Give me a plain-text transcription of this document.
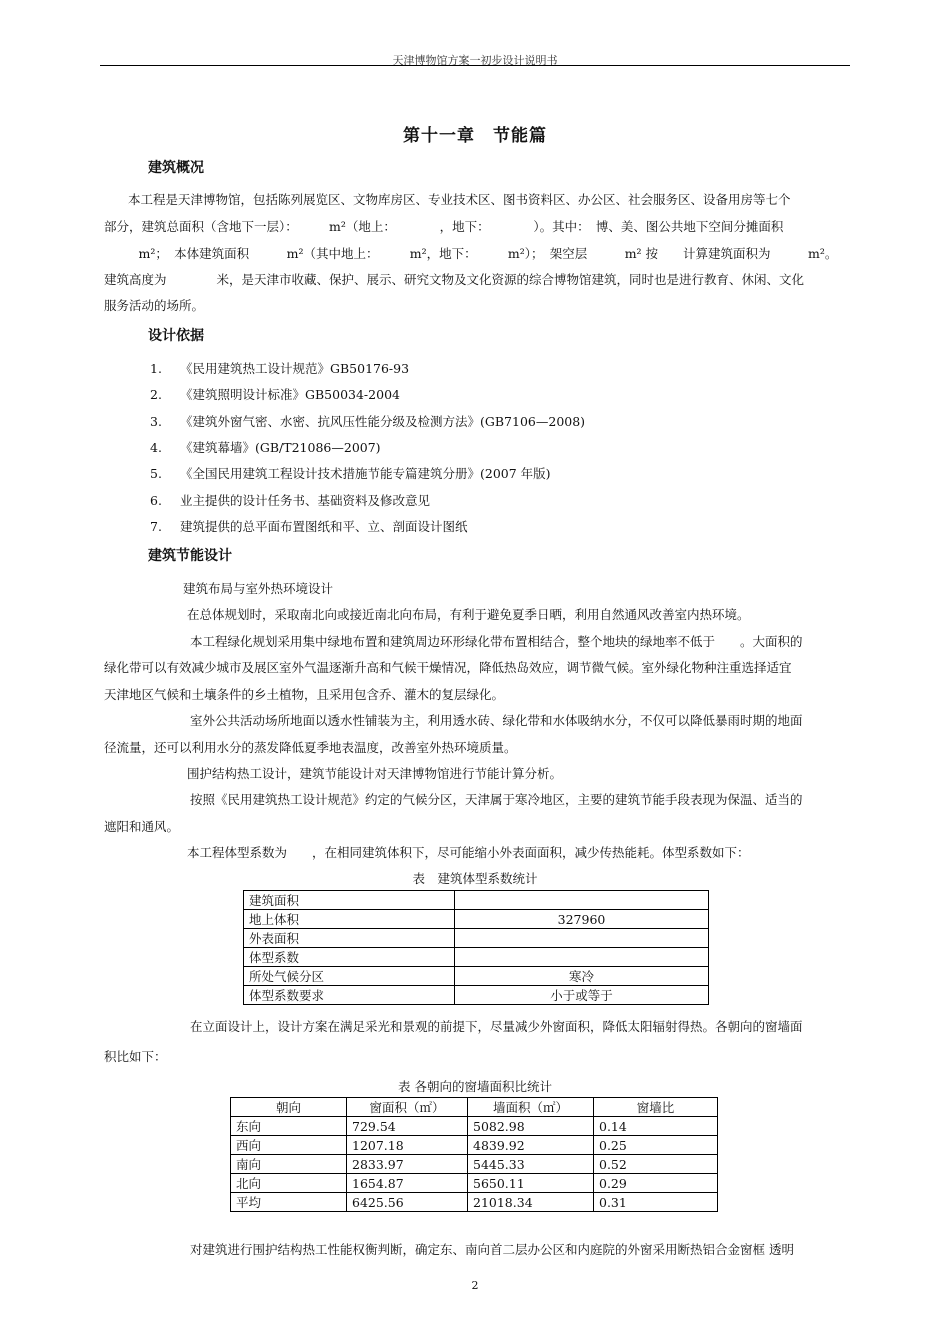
天津博物馆方案一初步设计说明书
第十一章　节能篇
建筑概况
本工程是天津博物馆，包括陈列展览区、文物库房区、专业技术区、图书资料区、办公区、社会服务区、设备用房等七个
部分，建筑总面积（含地下一层）：　　　m²（地上：　　　　，地下：　　　　）。其中：　博、美、图公共地下空间分摊面积
　m²；　本体建筑面积　　　m²（其中地上：　　　m²，地下：　　　m²）；　架空层　　　m² 按　　计算建筑面积为　　　m²。
建筑高度为　　　　米，是天津市收藏、保护、展示、研究文物及文化资源的综合博物馆建筑，同时也是进行教育、休闲、文化
服务活动的场所。
设计依据
1. 《民用建筑热工设计规范》GB50176-93
2. 《建筑照明设计标准》GB50034-2004
3. 《建筑外窗气密、水密、抗风压性能分级及检测方法》(GB7106—2008)
4. 《建筑幕墙》(GB/T21086—2007)
5. 《全国民用建筑工程设计技术措施节能专篇建筑分册》(2007 年版)
6. 业主提供的设计任务书、基础资料及修改意见
7. 建筑提供的总平面布置图纸和平、立、剖面设计图纸
建筑节能设计
建筑布局与室外热环境设计
在总体规划时，采取南北向或接近南北向布局，有利于避免夏季日晒，利用自然通风改善室内热环境。
本工程绿化规划采用集中绿地布置和建筑周边环形绿化带布置相结合，整个地块的绿地率不低于　　。大面积的
绿化带可以有效减少城市及展区室外气温逐渐升高和气候干燥情况，降低热岛效应，调节微气候。室外绿化物种注重选择适宜
天津地区气候和土壤条件的乡土植物，且采用包含乔、灌木的复层绿化。
室外公共活动场所地面以透水性铺装为主，利用透水砖、绿化带和水体吸纳水分，不仅可以降低暴雨时期的地面
径流量，还可以利用水分的蒸发降低夏季地表温度，改善室外热环境质量。
围护结构热工设计，建筑节能设计对天津博物馆进行节能计算分析。
按照《民用建筑热工设计规范》约定的气候分区，天津属于寒冷地区，主要的建筑节能手段表现为保温、适当的
遮阳和通风。
本工程体型系数为　　，在相同建筑体积下，尽可能缩小外表面面积，减少传热能耗。体型系数如下：
表　建筑体型系数统计
建筑面积	
地上体积	327960
外表面积	
体型系数	
所处气候分区	寒冷
体型系数要求	小于或等于
在立面设计上，设计方案在满足采光和景观的前提下，尽量减少外窗面积，降低太阳辐射得热。各朝向的窗墙面
积比如下：
表 各朝向的窗墙面积比统计
朝向	窗面积（㎡）	墙面积（㎡）	窗墙比
东向	729.54	5082.98	0.14
西向	1207.18	4839.92	0.25
南向	2833.97	5445.33	0.52
北向	1654.87	5650.11	0.29
平均	6425.56	21018.34	0.31
对建筑进行围护结构热工性能权衡判断，确定东、南向首二层办公区和内庭院的外窗采用断热铝合金窗框 透明
2
